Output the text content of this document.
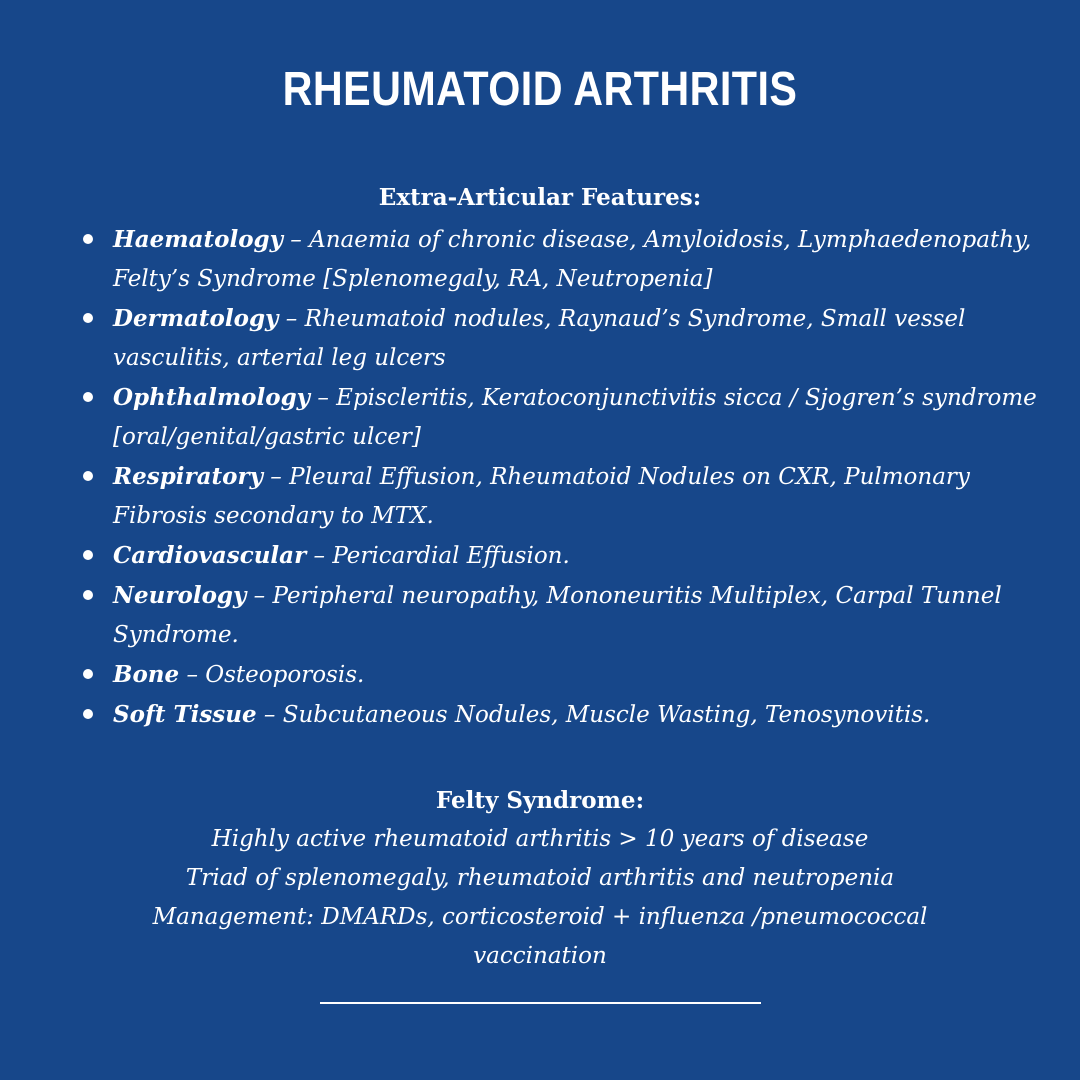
RHEUMATOID ARTHRITIS
Extra-Articular Features:
Haematology – Anaemia of chronic disease, Amyloidosis, Lymphaedenopathy, Felty’s Syndrome [Splenomegaly, RA, Neutropenia]
Dermatology – Rheumatoid nodules, Raynaud’s Syndrome, Small vessel vasculitis, arterial leg ulcers
Ophthalmology – Episcleritis, Keratoconjunctivitis sicca / Sjogren’s syndrome [oral/genital/gastric ulcer]
Respiratory – Pleural Effusion, Rheumatoid Nodules on CXR, Pulmonary Fibrosis secondary to MTX.
Cardiovascular – Pericardial Effusion.
Neurology – Peripheral neuropathy, Mononeuritis Multiplex, Carpal Tunnel Syndrome.
Bone – Osteoporosis.
Soft Tissue – Subcutaneous Nodules, Muscle Wasting, Tenosynovitis.
Felty Syndrome:

Highly active rheumatoid arthritis > 10 years of disease
Triad of splenomegaly, rheumatoid arthritis and neutropenia
Management: DMARDs, corticosteroid + influenza /pneumococcal vaccination
